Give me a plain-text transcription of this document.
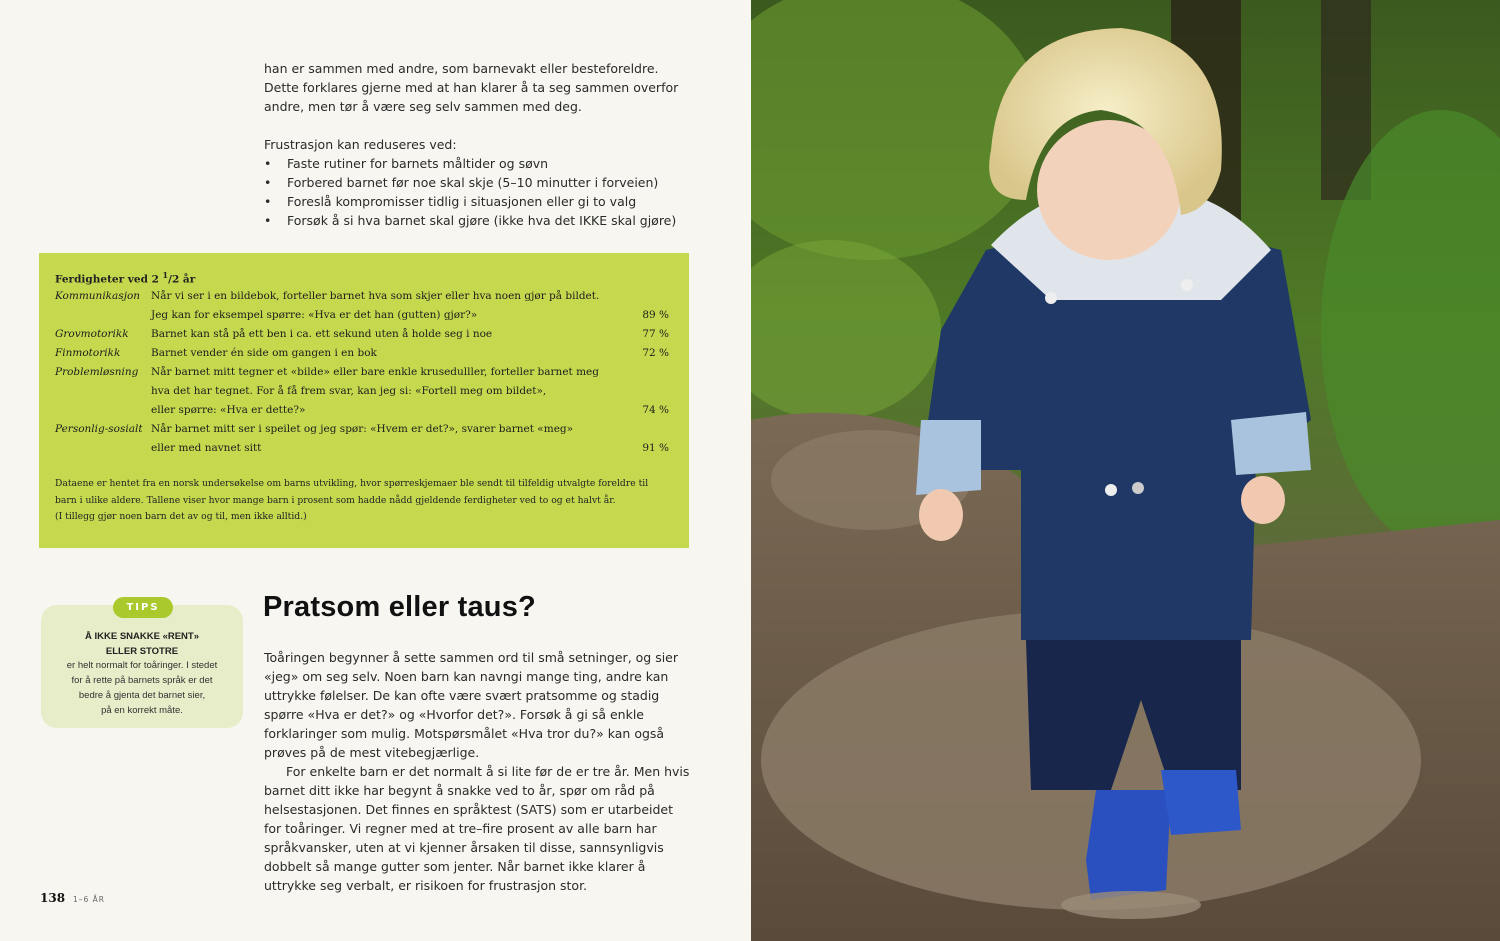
han er sammen med andre, som barnevakt eller besteforeldre. Dette forklares gjerne med at han klarer å ta seg sammen overfor andre, men tør å være seg selv sammen med deg.

Frustrasjon kan reduseres ved:
• Faste rutiner for barnets måltider og søvn
• Forbered barnet før noe skal skje (5–10 minutter i forveien)
• Foreslå kompromisser tidlig i situasjonen eller gi to valg
• Forsøk å si hva barnet skal gjøre (ikke hva det IKKE skal gjøre)
Ferdigheter ved 2 $^1$/2 år
Kommunikasjon Når vi ser i en bildebok, forteller barnet hva som skjer eller hva noen gjør på bildet.
Jeg kan for eksempel spørre: «Hva er det han (gutten) gjør?»	89 %
Grovmotorikk Barnet kan stå på ett ben i ca. ett sekund uten å holde seg i noe	77 %
Finmotorikk	Barnet vender én side om gangen i en bok	72 %
Problemløsning Når barnet mitt tegner et «bilde» eller bare enkle krusedulller, forteller barnet meg
hva det har tegnet. For å få frem svar, kan jeg si: «Fortell meg om bildet»,
eller spørre: «Hva er dette?»	74 %
Personlig-sosialt Når barnet mitt ser i speilet og jeg spør: «Hvem er det?», svarer barnet «meg»
eller med navnet sitt	91 %
Dataene er hentet fra en norsk undersøkelse om barns utvikling, hvor spørreskjemaer ble sendt til tilfeldig utvalgte foreldre til
barn i ulike aldere. Tallene viser hvor mange barn i prosent som hadde nådd gjeldende ferdigheter ved to og et halvt år.
(I tillegg gjør noen barn det av og til, men ikke alltid.)
Å IKKE SNAKKE «RENT»
ELLER STOTRE
er helt normalt for toåringer. I stedet
for å rette på barnets språk er det
bedre å gjenta det barnet sier,
på en korrekt måte.
TIPS	Pratsom eller taus?

Toåringen begynner å sette sammen ord til små setninger, og sier «jeg» om seg selv. Noen barn kan navngi mange ting, andre kan uttrykke følelser. De kan ofte være svært pratsomme og stadig spørre «Hva er det?» og «Hvorfor det?». Forsøk å gi så enkle forklaringer som mulig. Motspørsmålet «Hva tror du?» kan også prøves på de mest vitebegjærlige.

For enkelte barn er det normalt å si lite før de er tre år. Men hvis barnet ditt ikke har begynt å snakke ved to år, spør om råd på helsestasjonen. Det finnes en språktest (SATS) som er utarbeidet for toåringer. Vi regner med at tre–fire prosent av alle barn har språkvansker, uten at vi kjenner årsaken til disse, sannsynligvis dobbelt så mange gutter som jenter. Når barnet ikke klarer å uttrykke seg verbalt, er risikoen for frustrasjon stor.

138 1–6 ÅR
